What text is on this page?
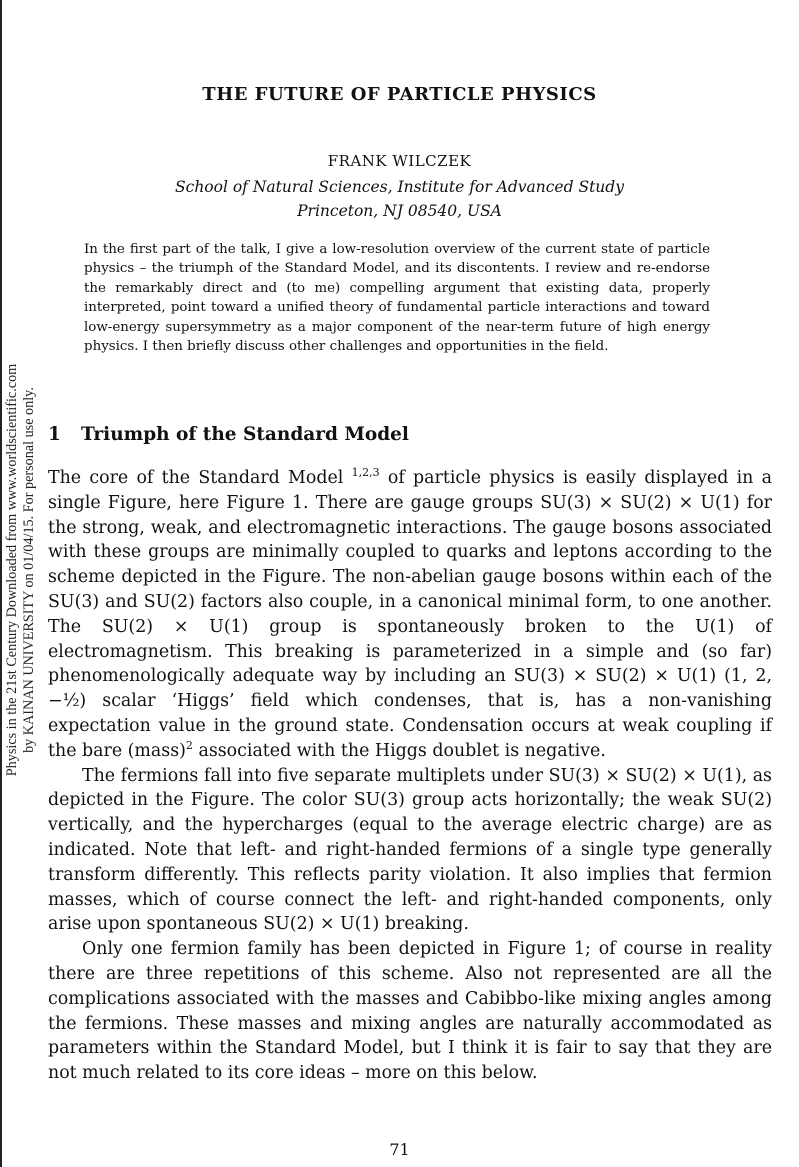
Physics in the 21st Century Downloaded from www.worldscientific.com by KAINAN UNIVERSITY on 01/04/15. For personal use only.
THE FUTURE OF PARTICLE PHYSICS
FRANK WILCZEK
School of Natural Sciences, Institute for Advanced Study
Princeton, NJ 08540, USA
In the first part of the talk, I give a low-resolution overview of the current state of particle physics – the triumph of the Standard Model, and its discontents. I review and re-endorse the remarkably direct and (to me) compelling argument that existing data, properly interpreted, point toward a unified theory of fundamental particle interactions and toward low-energy supersymmetry as a major component of the near-term future of high energy physics. I then briefly discuss other challenges and opportunities in the field.
1 Triumph of the Standard Model

The core of the Standard Model $^{1,2,3}$ of particle physics is easily displayed in a single Figure, here Figure 1. There are gauge groups SU(3) × SU(2) × U(1) for the strong, weak, and electromagnetic interactions. The gauge bosons associated with these groups are minimally coupled to quarks and leptons according to the scheme depicted in the Figure. The non-abelian gauge bosons within each of the SU(3) and SU(2) factors also couple, in a canonical minimal form, to one another. The SU(2) × U(1) group is spontaneously broken to the U(1) of electromagnetism. This breaking is parameterized in a simple and (so far) phenomenologically adequate way by including an SU(3) × SU(2) × U(1) (1, 2, −½) scalar ‘Higgs’ field which condenses, that is, has a non-vanishing expectation value in the ground state. Condensation occurs at weak coupling if the bare (mass)$^2$ associated with the Higgs doublet is negative.

The fermions fall into five separate multiplets under SU(3) × SU(2) × U(1), as depicted in the Figure. The color SU(3) group acts horizontally; the weak SU(2) vertically, and the hypercharges (equal to the average electric charge) are as indicated. Note that left- and right-handed fermions of a single type generally transform differently. This reflects parity violation. It also implies that fermion masses, which of course connect the left- and right-handed components, only arise upon spontaneous SU(2) × U(1) breaking.

Only one fermion family has been depicted in Figure 1; of course in reality there are three repetitions of this scheme. Also not represented are all the complications associated with the masses and Cabibbo-like mixing angles among the fermions. These masses and mixing angles are naturally accommodated as parameters within the Standard Model, but I think it is fair to say that they are not much related to its core ideas – more on this below.

71
